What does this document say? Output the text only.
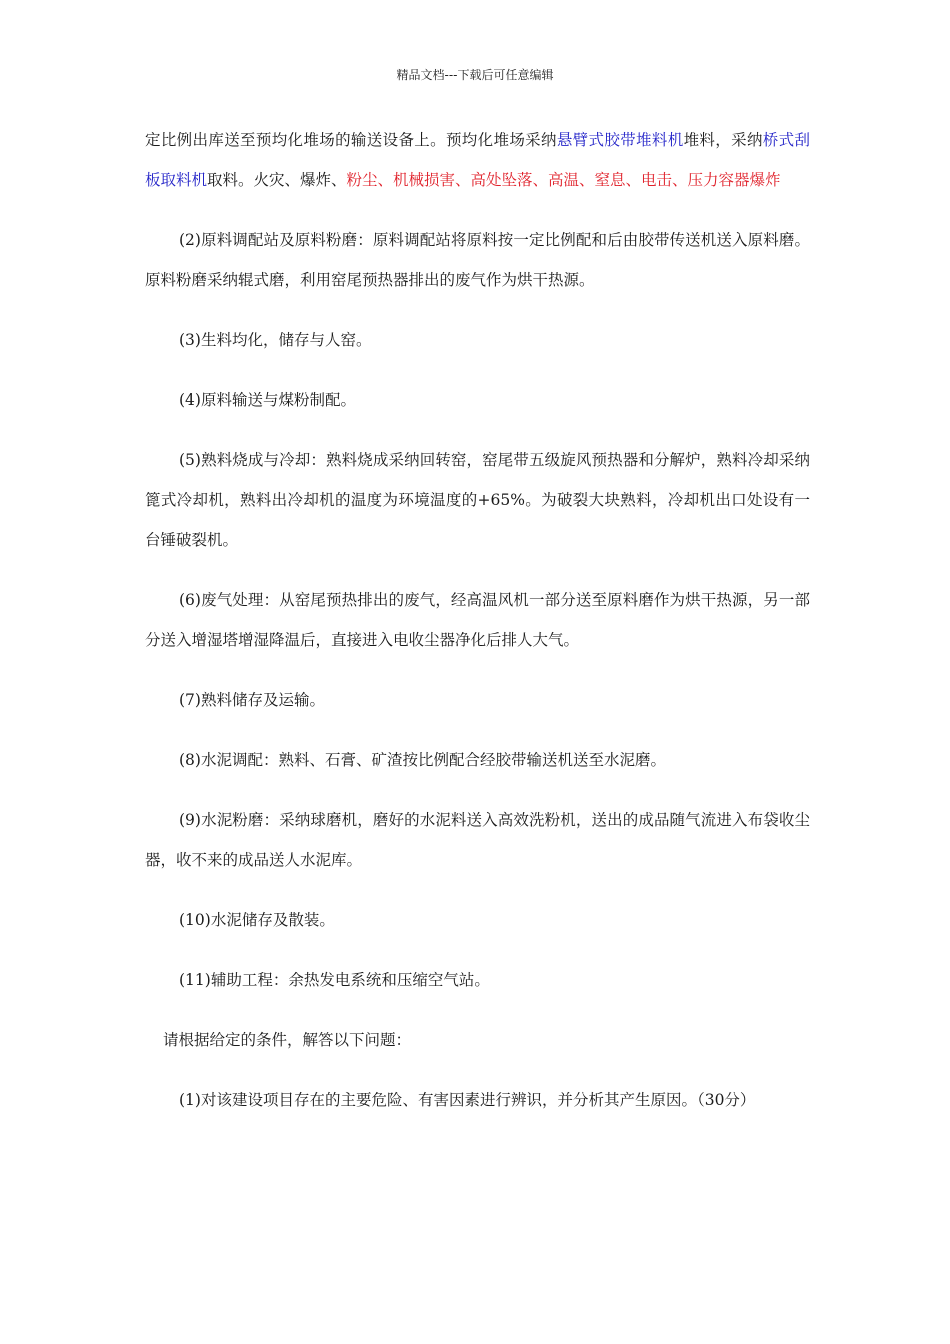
精品文档---下载后可任意编辑

定比例出库送至预均化堆场的输送设备上。预均化堆场采纳悬臂式胶带堆料机堆料，采纳桥式刮板取料机取料。火灾、爆炸、粉尘、机械损害、高处坠落、高温、窒息、电击、压力容器爆炸

(2)原料调配站及原料粉磨：原料调配站将原料按一定比例配和后由胶带传送机送入原料磨。原料粉磨采纳辊式磨，利用窑尾预热器排出的废气作为烘干热源。

(3)生料均化，储存与人窑。

(4)原料输送与煤粉制配。

(5)熟料烧成与冷却：熟料烧成采纳回转窑，窑尾带五级旋风预热器和分解炉，熟料冷却采纳篦式冷却机，熟料出冷却机的温度为环境温度的+65%。为破裂大块熟料，冷却机出口处设有一台锤破裂机。

(6)废气处理：从窑尾预热排出的废气，经高温风机一部分送至原料磨作为烘干热源，另一部分送入增湿塔增湿降温后，直接进入电收尘器净化后排人大气。

(7)熟料储存及运输。

(8)水泥调配：熟料、石膏、矿渣按比例配合经胶带输送机送至水泥磨。

(9)水泥粉磨：采纳球磨机，磨好的水泥料送入高效洗粉机，送出的成品随气流进入布袋收尘器，收不来的成品送人水泥库。

(10)水泥储存及散装。

(11)辅助工程：余热发电系统和压缩空气站。

请根据给定的条件，解答以下问题：

(1)对该建设项目存在的主要危险、有害因素进行辨识，并分析其产生原因。（30分）
